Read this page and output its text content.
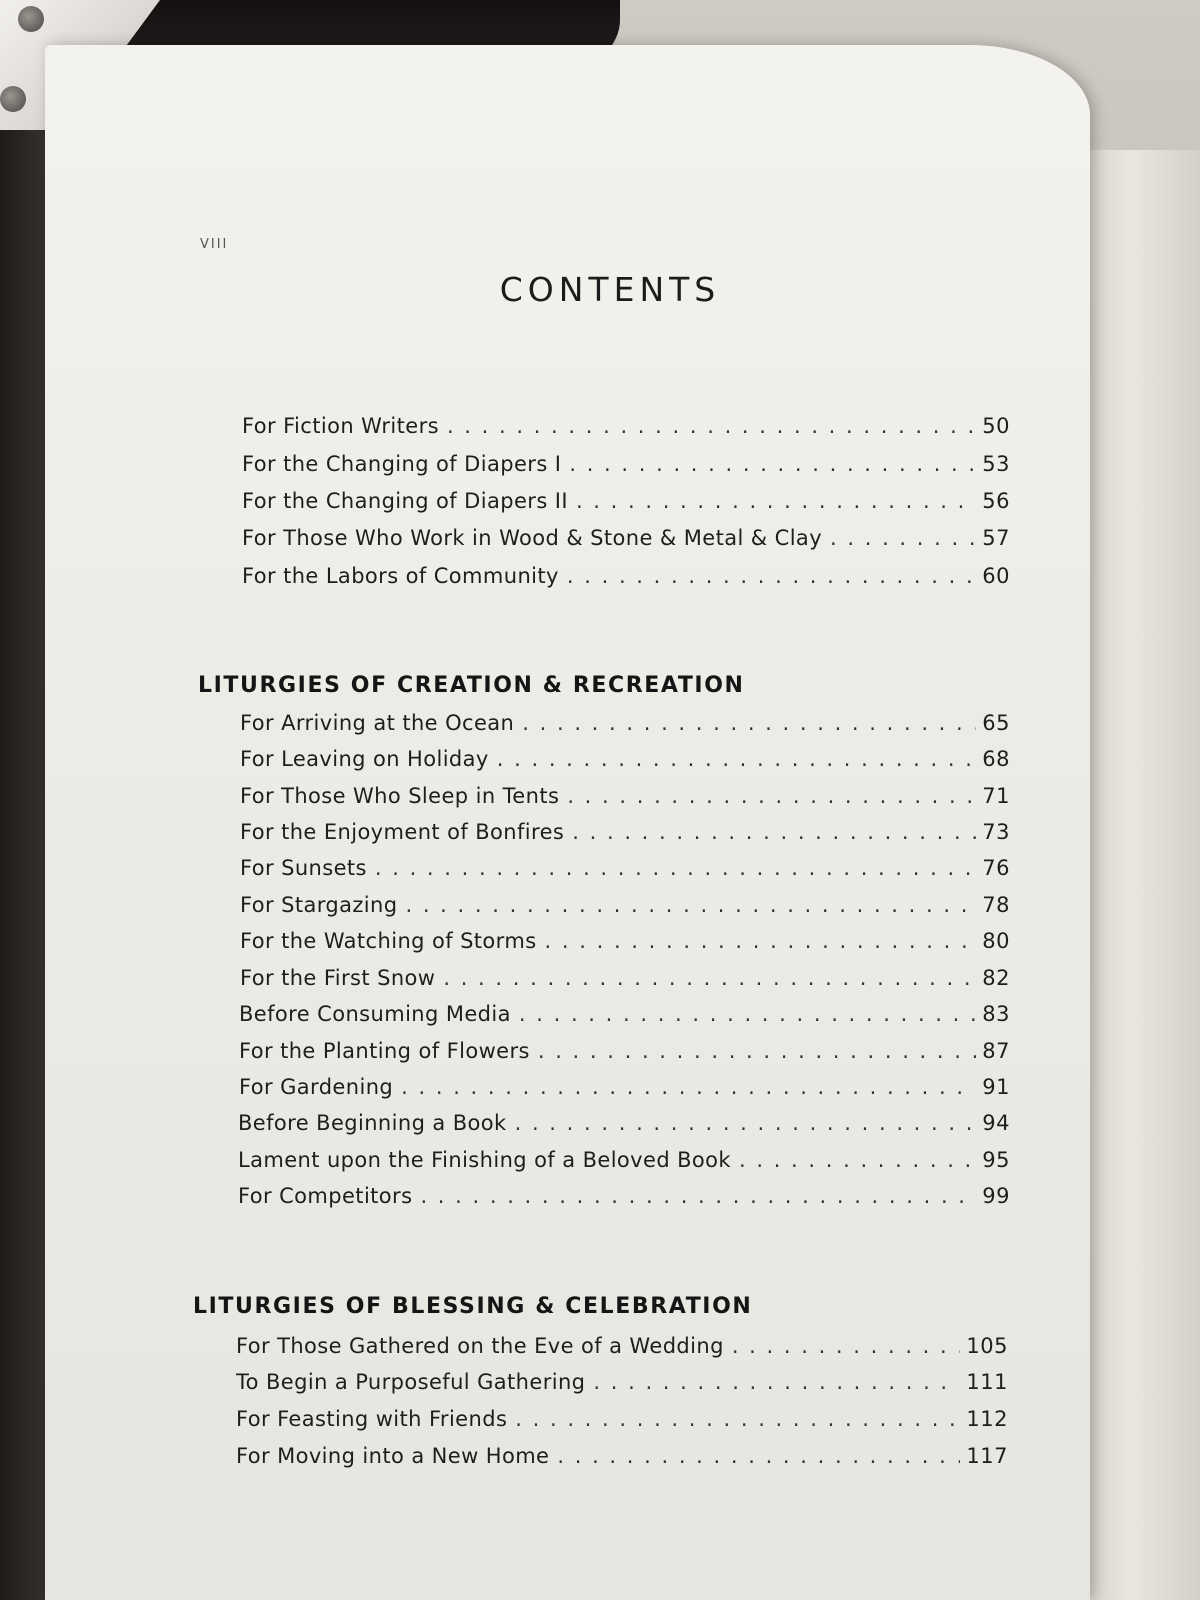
VIII
CONTENTS
For Fiction Writers . . .	50
For the Changing of Diapers I . . .	53
For the Changing of Diapers II . . .	56
For Those Who Work in Wood & Stone & Metal & Clay . . .	57
For the Labors of Community . . .	60
LITURGIES OF CREATION & RECREATION
For Arriving at the Ocean . . .	65
For Leaving on Holiday . . .	68
For Those Who Sleep in Tents . . .	71
For the Enjoyment of Bonfires . . .	73
For Sunsets . . .	76
For Stargazing . . .	78
For the Watching of Storms . . .	80
For the First Snow . . .	82
Before Consuming Media . . .	83
For the Planting of Flowers . . .	87
For Gardening . . .	91
Before Beginning a Book . . .	94
Lament upon the Finishing of a Beloved Book . . .	95
For Competitors . . .	99
LITURGIES OF BLESSING & CELEBRATION
For Those Gathered on the Eve of a Wedding . . .	105
To Begin a Purposeful Gathering . . .	111
For Feasting with Friends . . .	112
For Moving into a New Home . . .	117
